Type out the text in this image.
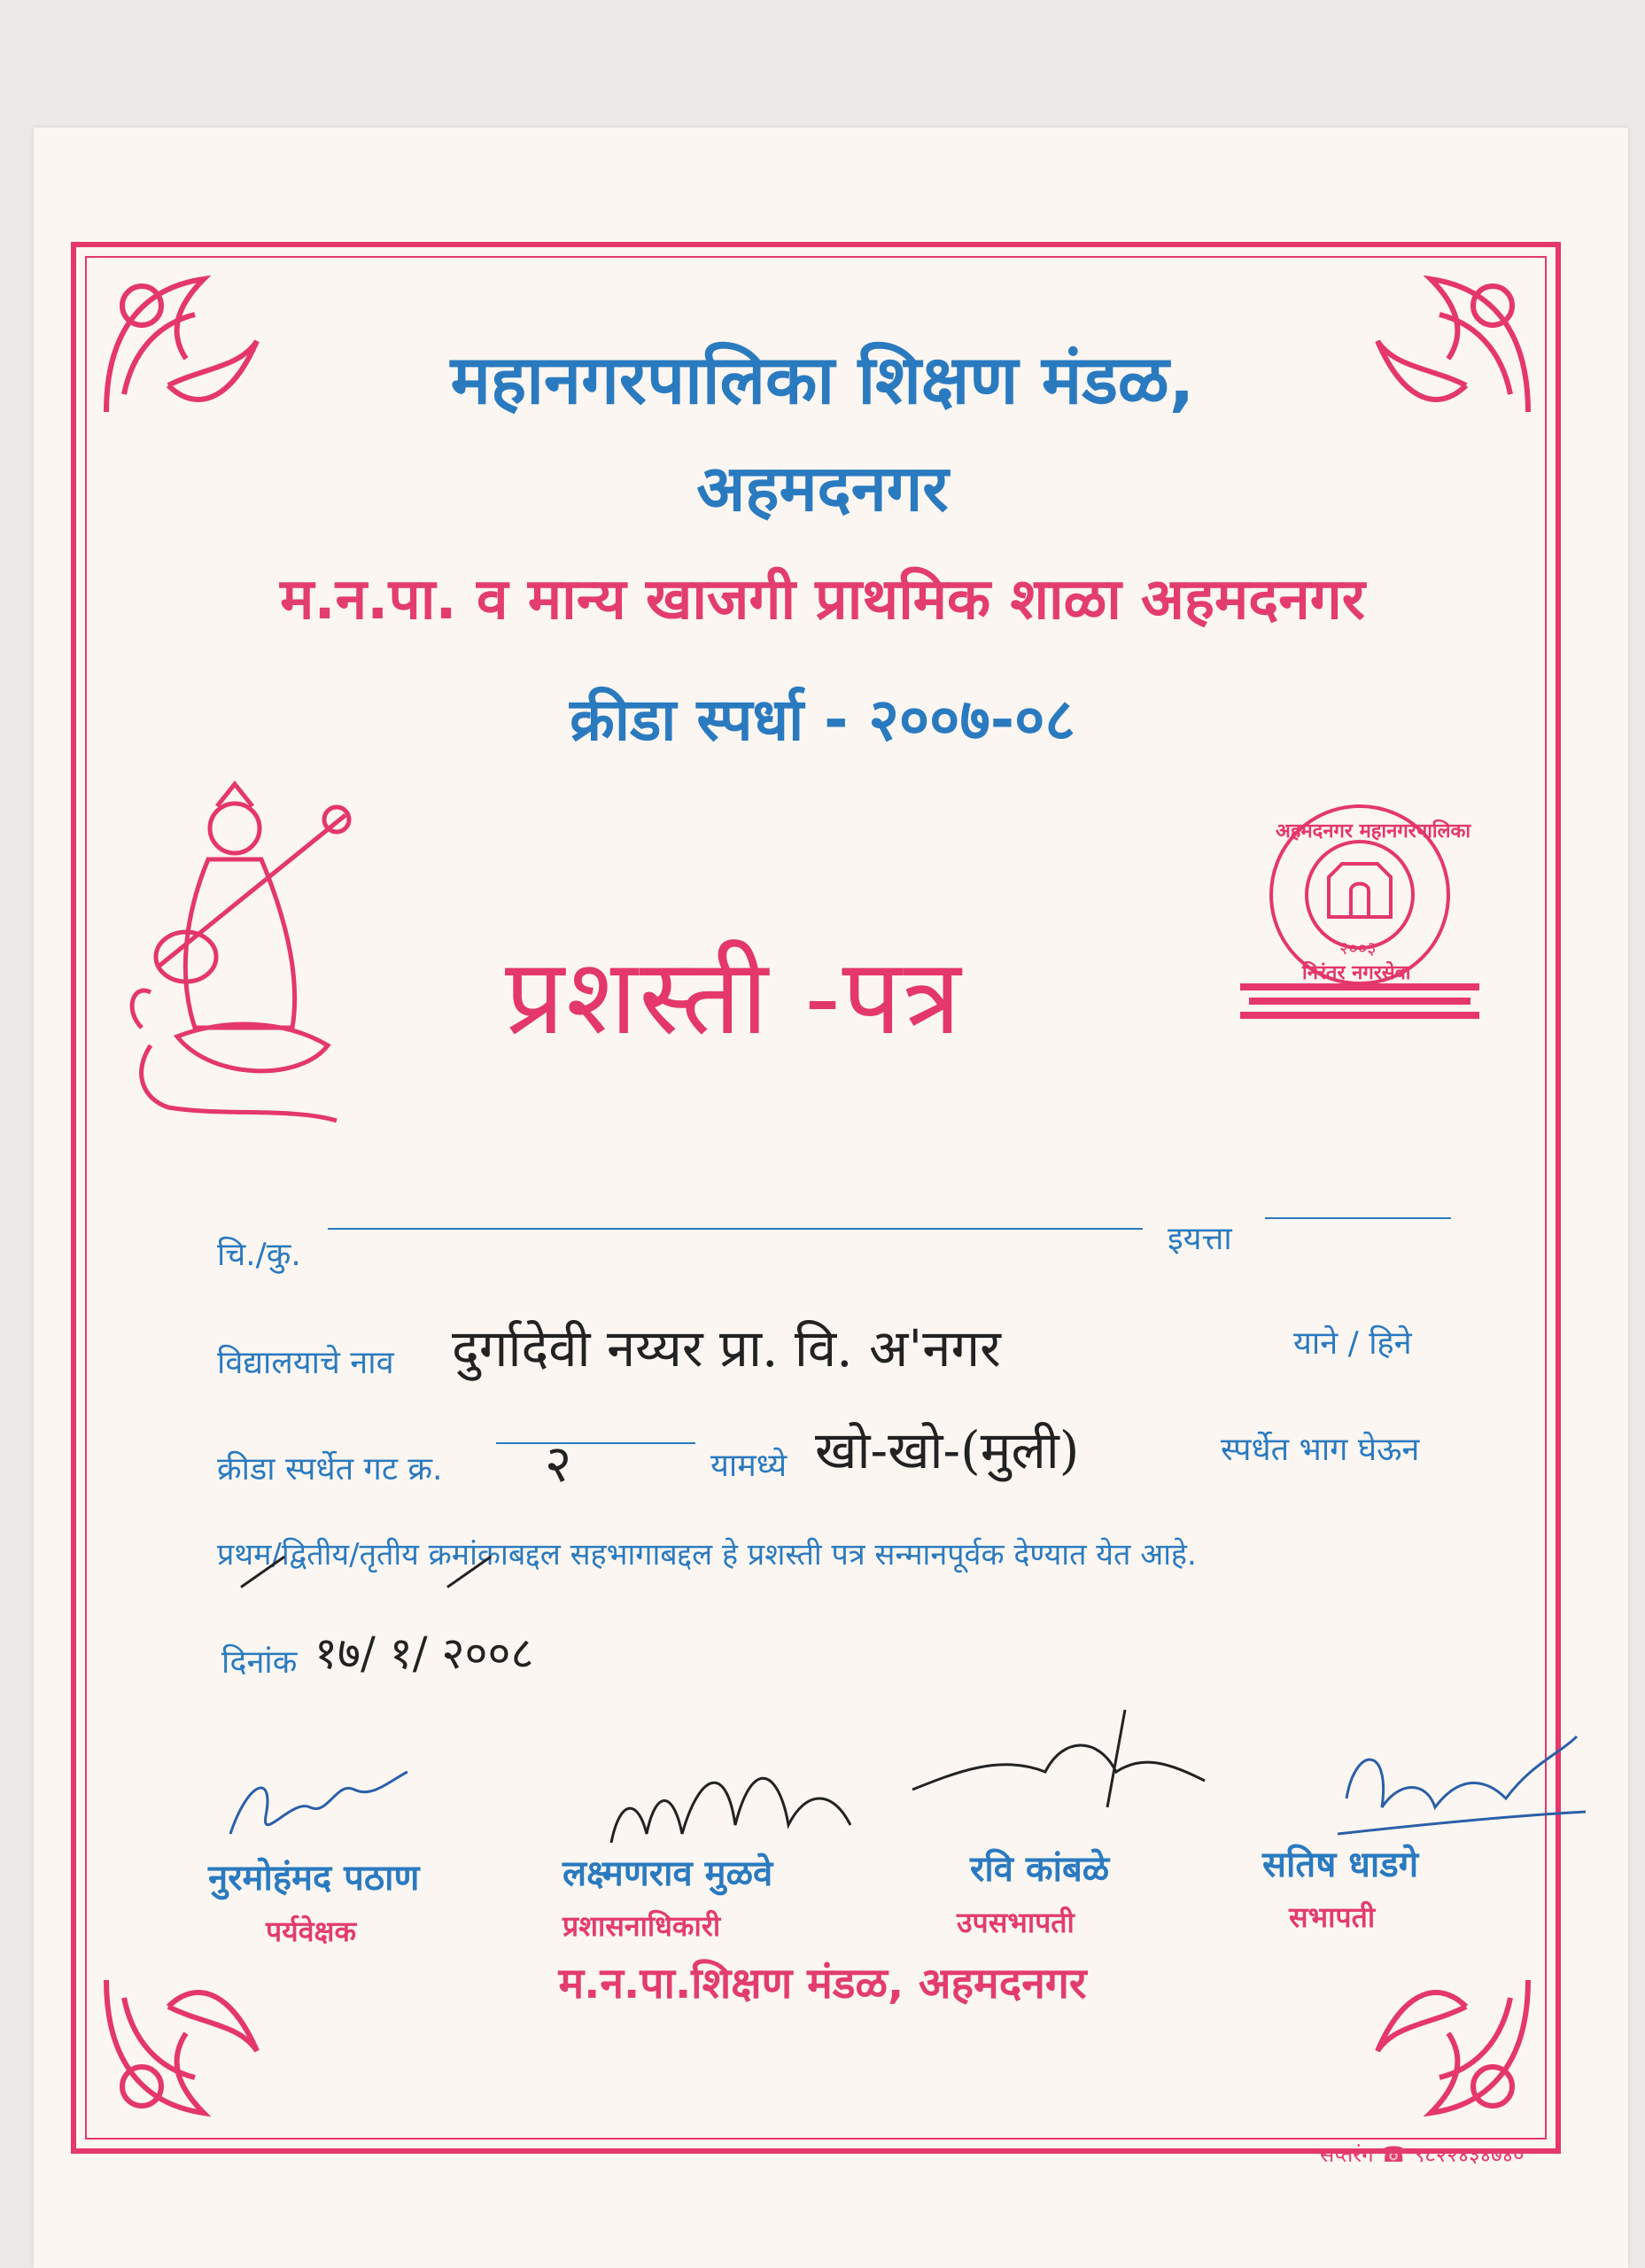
महानगरपालिका शिक्षण मंडळ,
अहमदनगर
म.न.पा. व मान्य खाजगी प्राथमिक शाळा अहमदनगर
क्रीडा स्पर्धा - २००७-०८
अहमदनगर महानगरपालिका
२००३
निरंतर नगरसेवा
प्रशस्ती -पत्र
चि./कु.	इयत्ता
विद्यालयाचे नाव दुर्गादेवी नय्यर प्रा. वि. अ'नगर	याने / हिने
क्रीडा स्पर्धेत गट क्र. २	यामध्ये खो-खो-(मुली)	स्पर्धेत भाग घेऊन
प्रथम/द्वितीय/तृतीय क्रमांकाबद्दल सहभागाबद्दल हे प्रशस्ती पत्र सन्मानपूर्वक देण्यात येत आहे.
दिनांक १७/ १/ २००८
नुरमोहंमद पठाण
पर्यवेक्षक
लक्ष्मणराव मुळवे
प्रशासनाधिकारी
रवि कांबळे
उपसभापती
सतिष धाडगे
सभापती
म.न.पा.शिक्षण मंडळ, अहमदनगर
सप्तरंग ☎ ९८२२४३४७४०
